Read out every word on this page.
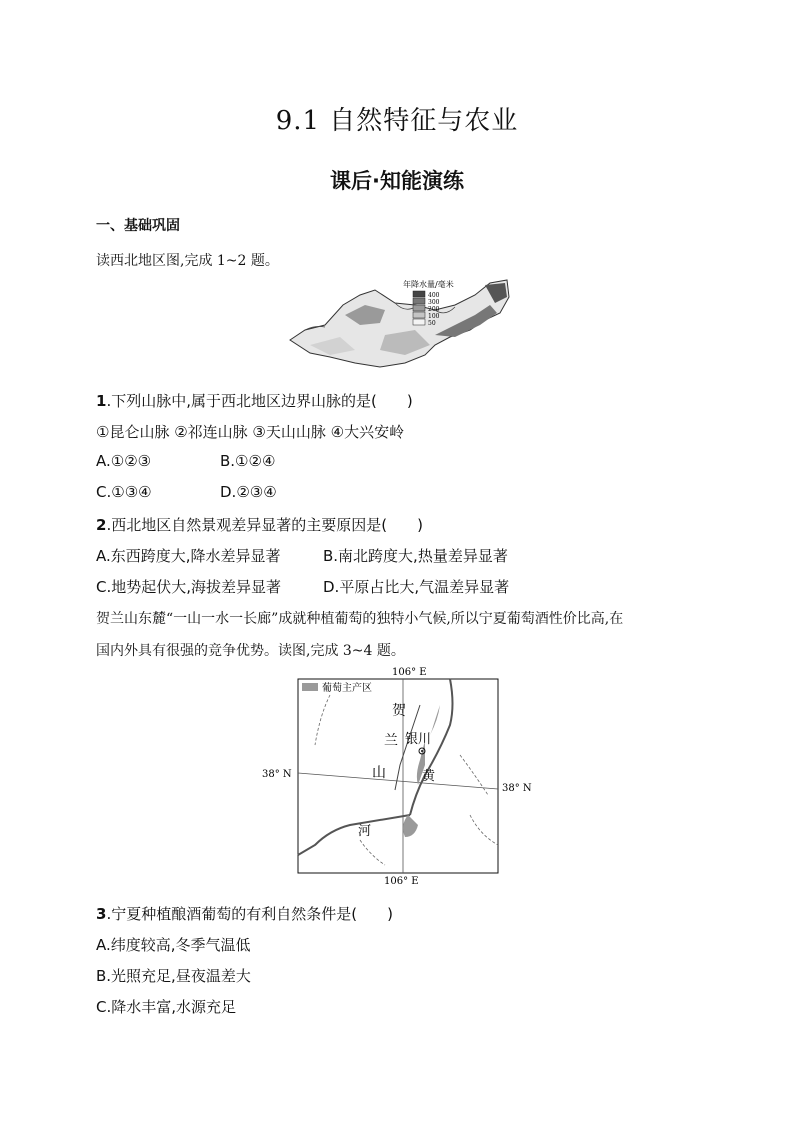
9.1 自然特征与农业
课后·知能演练
一、基础巩固
读西北地区图,完成 1~2 题。
年降水量/毫米
400
300
200
100
50
1.下列山脉中,属于西北地区边界山脉的是( )
①昆仑山脉 ②祁连山脉 ③天山山脉 ④大兴安岭
A.①②③	B.①②④
C.①③④	D.②③④
2.西北地区自然景观差异显著的主要原因是( )
A.东西跨度大,降水差异显著	B.南北跨度大,热量差异显著
C.地势起伏大,海拔差异显著	D.平原占比大,气温差异显著
贺兰山东麓“一山一水一长廊”成就种植葡萄的独特小气候,所以宁夏葡萄酒性价比高,在
国内外具有很强的竞争优势。读图,完成 3~4 题。
葡萄主产区
106° E
106° E
38° N
38° N
贺
兰
山
银川
黄
河
3.宁夏种植酿酒葡萄的有利自然条件是( )
A.纬度较高,冬季气温低
B.光照充足,昼夜温差大
C.降水丰富,水源充足
